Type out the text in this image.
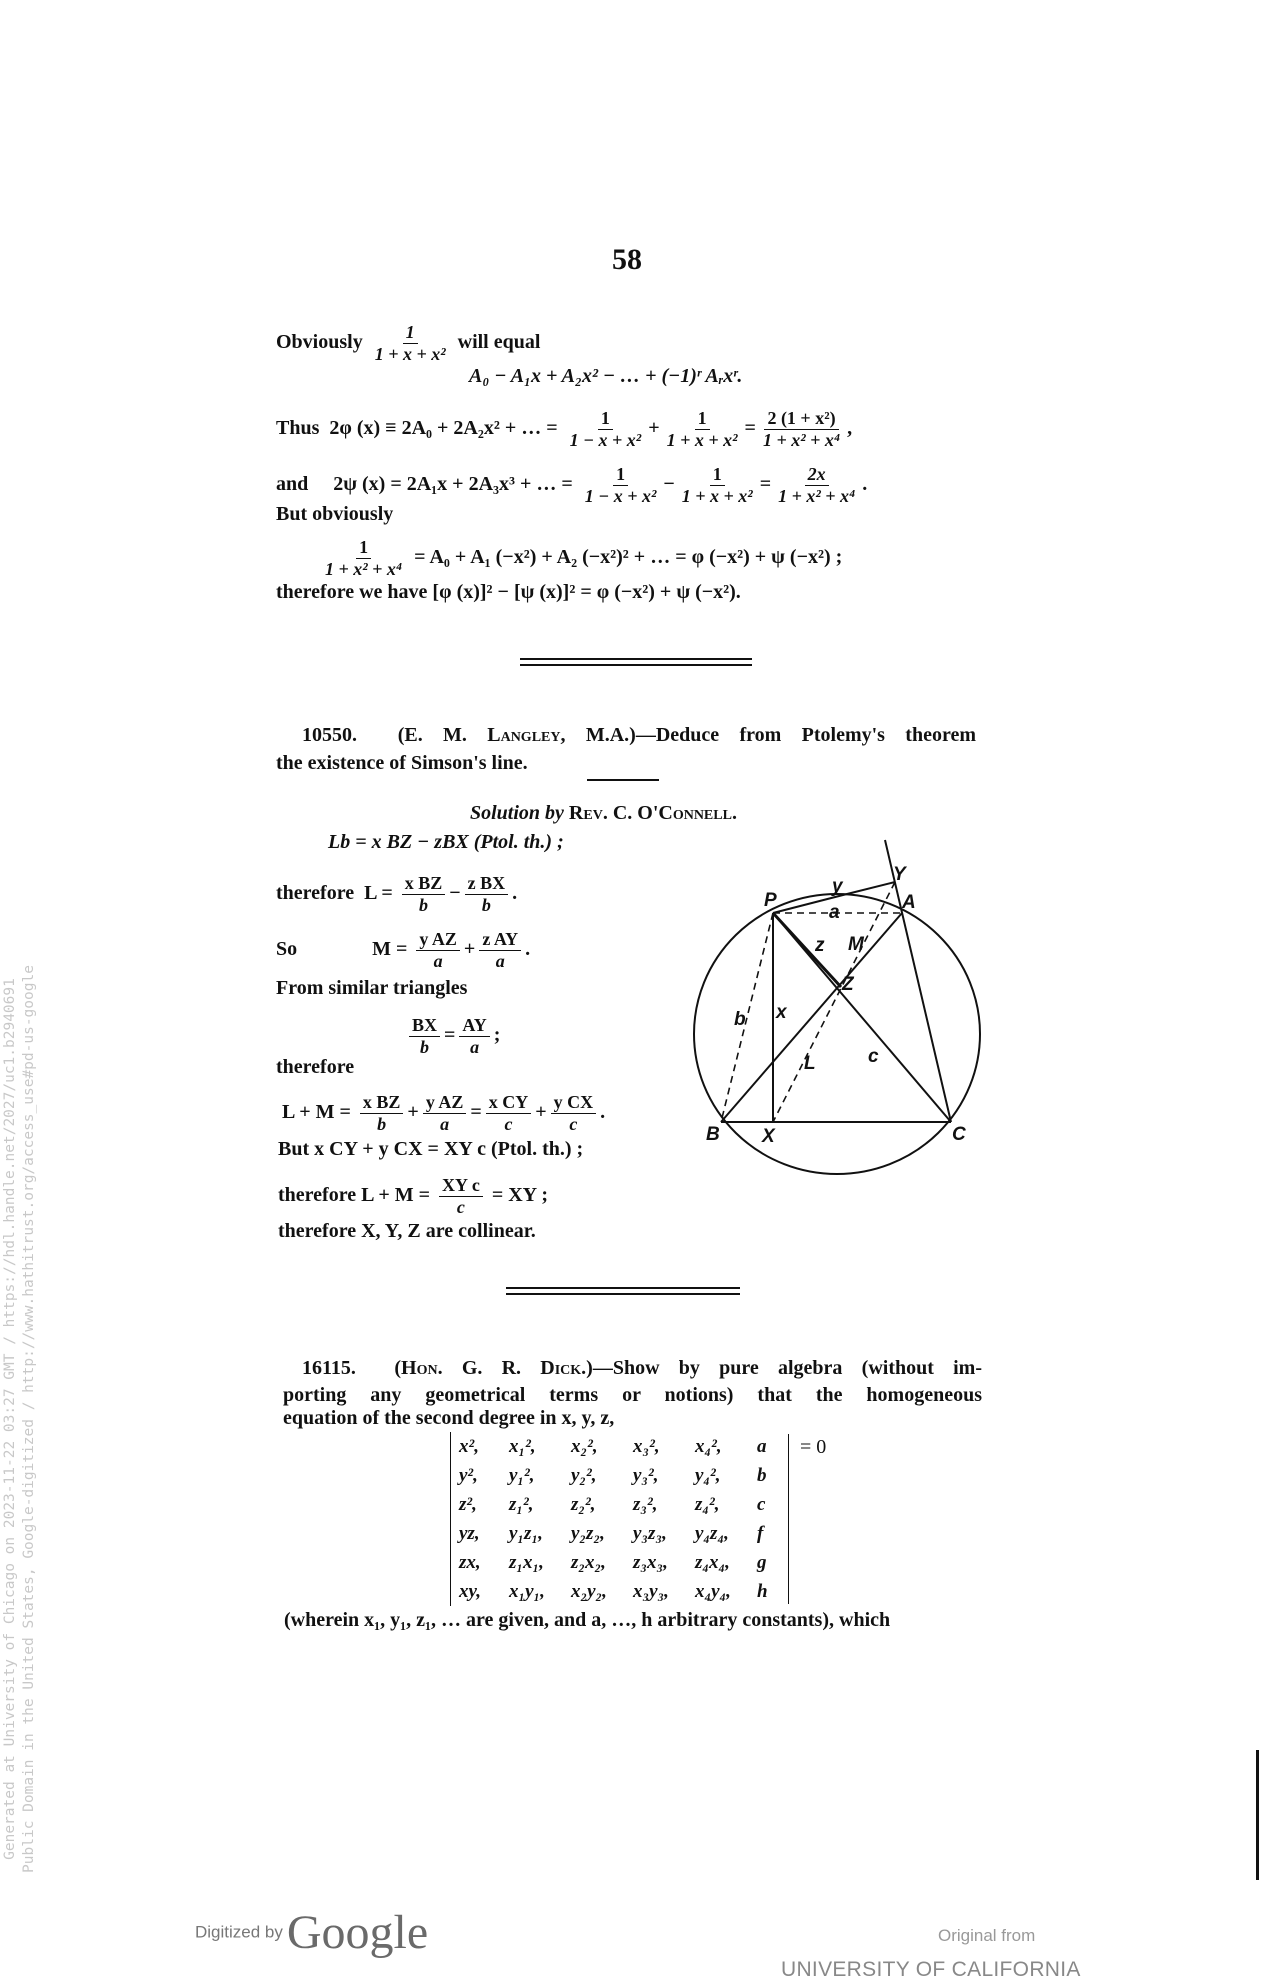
Generated at University of Chicago on 2023-11-22 03:27 GMT / https://hdl.handle.net/2027/uc1.b2940691 Public Domain in the United States, Google-digitized / http://www.hathitrust.org/access_use#pd-us-google
58
Obviously $\frac{1}{\text{1 + x + x²}}$ will equal
A₀ − A₁x + A₂x² − … + (−1)ʳ Aᵣxʳ.
Thus 2φ (x) ≡ 2A₀ + 2A₂x² + … = $\frac{1}{\text{1 − x + x²}} + \frac{1}{\text{1 + x + x²}} = \frac{\text{2 (1 + x²)}}{\text{1 + x² + x⁴}}$ ,
and 2ψ (x) = 2A₁x + 2A₃x³ + … = $\frac{1}{\text{1 − x + x²}} - \frac{1}{\text{1 + x + x²}} = \frac{2x}{\text{1 + x² + x⁴}}$ .
But obviously
$\frac{1}{\text{1 + x² + x⁴}} = A_0 + A_1$ (−x²) + A₂ (−x²)² + … = φ (−x²) + ψ (−x²) ;
therefore we have [φ (x)]² − [ψ (x)]² = φ (−x²) + ψ (−x²).
10550. (E. M. Langley, M.A.)—Deduce from Ptolemy's theorem
the existence of Simson's line.
Solution by Rev. C. O'Connell.
Lb = x BZ − zBX (Ptol. th.) ;
therefore $L = \frac{\text{x BZ}}{b} - \frac{\text{z BX}}{b}$ .
So	$M = \frac{\text{y AZ}}{a} + \frac{\text{z AY}}{a}$ .
From similar triangles
$\frac{BX}{b} = \frac{AY}{a}$ ;
therefore
$L + M = \frac{\text{x BZ}}{b} + \frac{\text{y AZ}}{a} = \frac{\text{x CY}}{c} + \frac{\text{y CX}}{c}$ .
But x CY + y CX = XY c (Ptol. th.) ;
therefore $L + M = \frac{\text{XY c}}{c}$ = XY ;
therefore X, Y, Z are collinear.
P	A
Y
y
a
z M
Z
b x
L	c
B X	C
16115. (Hon. G. R. Dick.)—Show by pure algebra (without im-
porting any geometrical terms or notions) that the homogeneous
equation of the second degree in x, y, z,
x²,	x₁²,	x₂²,	x₃²,	x₄²,	a
y²,	y₁²,	y₂²,	y₃²,	y₄²,	b
z²,	z₁²,	z₂²,	z₃²,	z₄²,	c
yz,	y₁z₁,	y₂z₂,	y₃z₃,	y₄z₄,	f
zx,	z₁x₁,	z₂x₂,	z₃x₃,	z₄x₄,	g
xy,	x₁y₁,	x₂y₂,	x₃y₃,	x₄y₄,	h
= 0
(wherein x₁, y₁, z₁, … are given, and a, …, h arbitrary constants), which
Digitized by Google	Original from
UNIVERSITY OF CALIFORNIA
